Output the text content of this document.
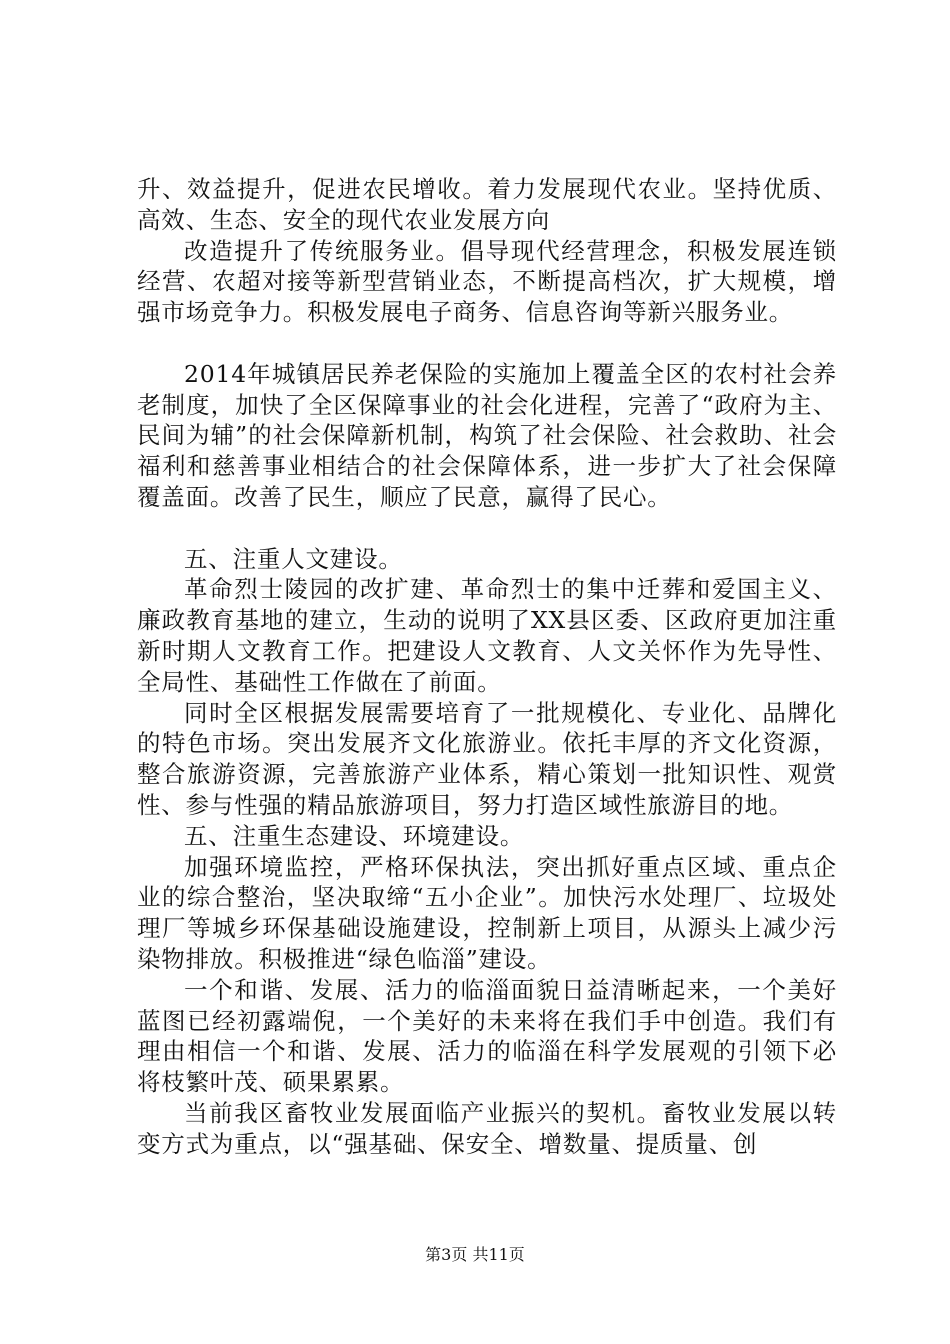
升、效益提升，促进农民增收。着力发展现代农业。坚持优质、高效、生态、安全的现代农业发展方向

改造提升了传统服务业。倡导现代经营理念，积极发展连锁经营、农超对接等新型营销业态，不断提高档次，扩大规模，增强市场竞争力。积极发展电子商务、信息咨询等新兴服务业。

2014年城镇居民养老保险的实施加上覆盖全区的农村社会养老制度，加快了全区保障事业的社会化进程，完善了“政府为主、民间为辅”的社会保障新机制，构筑了社会保险、社会救助、社会福利和慈善事业相结合的社会保障体系，进一步扩大了社会保障覆盖面。改善了民生，顺应了民意，赢得了民心。

五、注重人文建设。

革命烈士陵园的改扩建、革命烈士的集中迁葬和爱国主义、廉政教育基地的建立，生动的说明了XX县区委、区政府更加注重新时期人文教育工作。把建设人文教育、人文关怀作为先导性、全局性、基础性工作做在了前面。

同时全区根据发展需要培育了一批规模化、专业化、品牌化的特色市场。突出发展齐文化旅游业。依托丰厚的齐文化资源，整合旅游资源，完善旅游产业体系，精心策划一批知识性、观赏性、参与性强的精品旅游项目，努力打造区域性旅游目的地。

五、注重生态建设、环境建设。

加强环境监控，严格环保执法，突出抓好重点区域、重点企业的综合整治，坚决取缔“五小企业”。加快污水处理厂、垃圾处理厂等城乡环保基础设施建设，控制新上项目，从源头上减少污染物排放。积极推进“绿色临淄”建设。

一个和谐、发展、活力的临淄面貌日益清晰起来，一个美好蓝图已经初露端倪，一个美好的未来将在我们手中创造。我们有理由相信一个和谐、发展、活力的临淄在科学发展观的引领下必将枝繁叶茂、硕果累累。

当前我区畜牧业发展面临产业振兴的契机。畜牧业发展以转变方式为重点，以“强基础、保安全、增数量、提质量、创

第3页 共11页
